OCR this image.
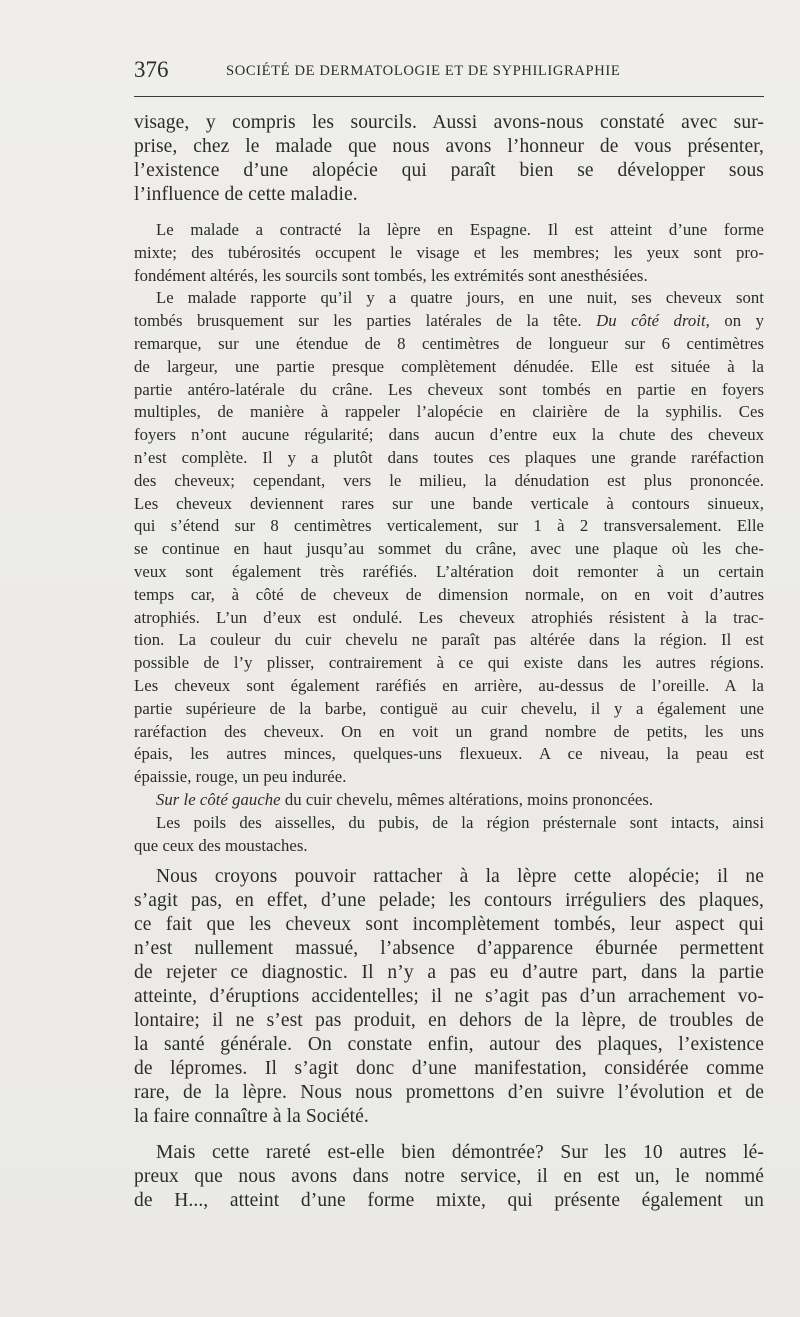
376	SOCIÉTÉ DE DERMATOLOGIE ET DE SYPHILIGRAPHIE

visage, y compris les sourcils. Aussi avons-nous constaté avec sur-

prise, chez le malade que nous avons l’honneur de vous présenter,

l’existence d’une alopécie qui paraît bien se développer sous

l’influence de cette maladie.

Le malade a contracté la lèpre en Espagne. Il est atteint d’une forme

mixte; des tubérosités occupent le visage et les membres; les yeux sont pro-

fondément altérés, les sourcils sont tombés, les extrémités sont anesthésiées.

Le malade rapporte qu’il y a quatre jours, en une nuit, ses cheveux sont

tombés brusquement sur les parties latérales de la tête. Du côté droit, on y

remarque, sur une étendue de 8 centimètres de longueur sur 6 centimètres

de largeur, une partie presque complètement dénudée. Elle est située à la

partie antéro-latérale du crâne. Les cheveux sont tombés en partie en foyers

multiples, de manière à rappeler l’alopécie en clairière de la syphilis. Ces

foyers n’ont aucune régularité; dans aucun d’entre eux la chute des cheveux

n’est complète. Il y a plutôt dans toutes ces plaques une grande raréfaction

des cheveux; cependant, vers le milieu, la dénudation est plus prononcée.

Les cheveux deviennent rares sur une bande verticale à contours sinueux,

qui s’étend sur 8 centimètres verticalement, sur 1 à 2 transversalement. Elle

se continue en haut jusqu’au sommet du crâne, avec une plaque où les che-

veux sont également très raréfiés. L’altération doit remonter à un certain

temps car, à côté de cheveux de dimension normale, on en voit d’autres

atrophiés. L’un d’eux est ondulé. Les cheveux atrophiés résistent à la trac-

tion. La couleur du cuir chevelu ne paraît pas altérée dans la région. Il est

possible de l’y plisser, contrairement à ce qui existe dans les autres régions.

Les cheveux sont également raréfiés en arrière, au-dessus de l’oreille. A la

partie supérieure de la barbe, contiguë au cuir chevelu, il y a également une

raréfaction des cheveux. On en voit un grand nombre de petits, les uns

épais, les autres minces, quelques-uns flexueux. A ce niveau, la peau est

épaissie, rouge, un peu indurée.

Sur le côté gauche du cuir chevelu, mêmes altérations, moins prononcées.

Les poils des aisselles, du pubis, de la région présternale sont intacts, ainsi

que ceux des moustaches.

Nous croyons pouvoir rattacher à la lèpre cette alopécie; il ne

s’agit pas, en effet, d’une pelade; les contours irréguliers des plaques,

ce fait que les cheveux sont incomplètement tombés, leur aspect qui

n’est nullement massué, l’absence d’apparence éburnée permettent

de rejeter ce diagnostic. Il n’y a pas eu d’autre part, dans la partie

atteinte, d’éruptions accidentelles; il ne s’agit pas d’un arrachement vo-

lontaire; il ne s’est pas produit, en dehors de la lèpre, de troubles de

la santé générale. On constate enfin, autour des plaques, l’existence

de lépromes. Il s’agit donc d’une manifestation, considérée comme

rare, de la lèpre. Nous nous promettons d’en suivre l’évolution et de

la faire connaître à la Société.

Mais cette rareté est-elle bien démontrée? Sur les 10 autres lé-

preux que nous avons dans notre service, il en est un, le nommé

de H..., atteint d’une forme mixte, qui présente également un
